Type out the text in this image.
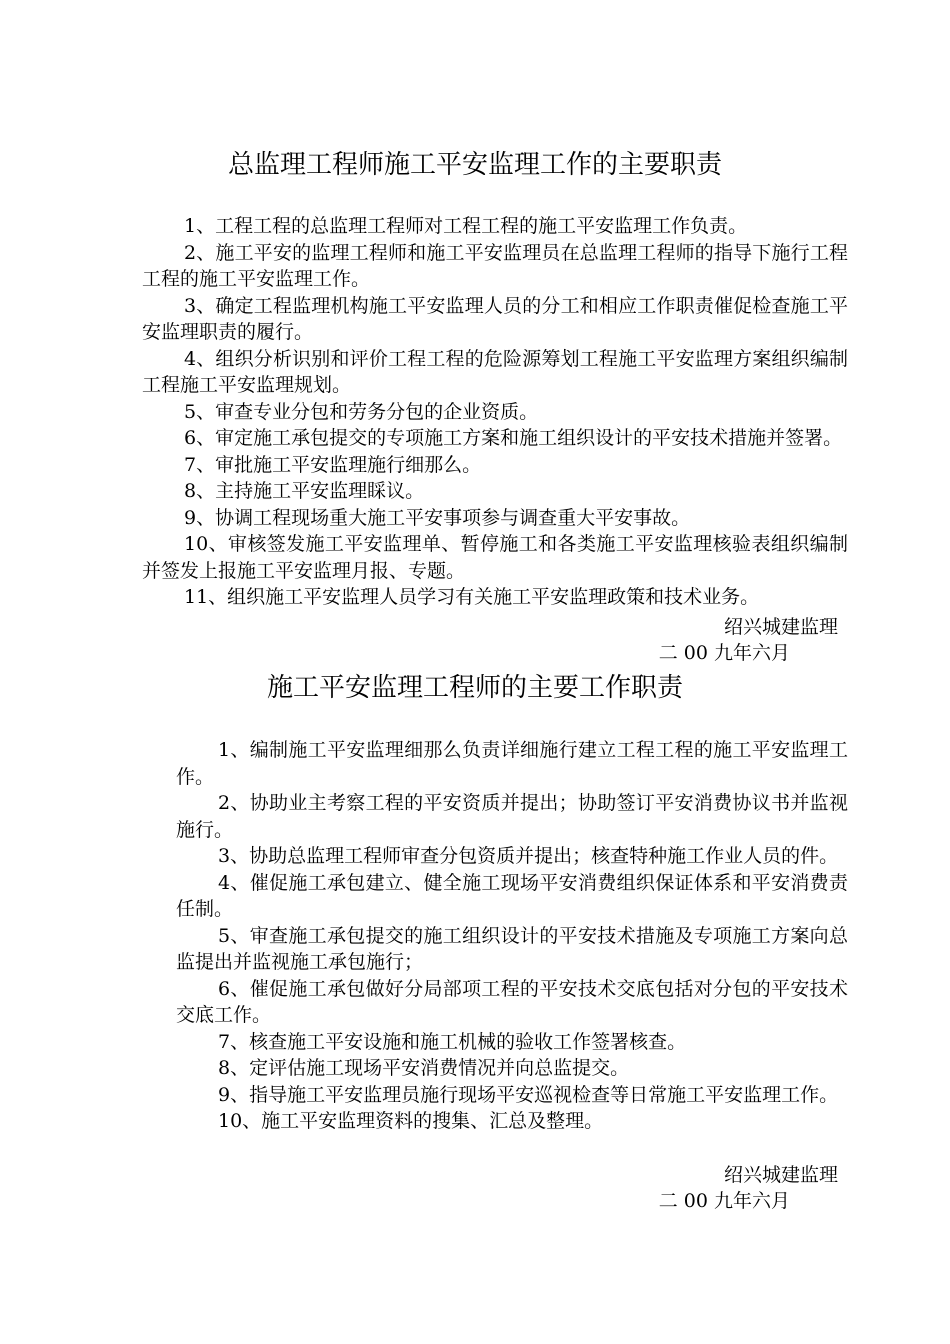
总监理工程师施工平安监理工作的主要职责

1、工程工程的总监理工程师对工程工程的施工平安监理工作负责。

2、施工平安的监理工程师和施工平安监理员在总监理工程师的指导下施行工程工程的施工平安监理工作。

3、确定工程监理机构施工平安监理人员的分工和相应工作职责催促检查施工平安监理职责的履行。

4、组织分析识别和评价工程工程的危险源筹划工程施工平安监理方案组织编制工程施工平安监理规划。

5、审查专业分包和劳务分包的企业资质。

6、审定施工承包提交的专项施工方案和施工组织设计的平安技术措施并签署。

7、审批施工平安监理施行细那么。

8、主持施工平安监理睬议。

9、协调工程现场重大施工平安事项参与调查重大平安事故。

10、审核签发施工平安监理单、暂停施工和各类施工平安监理核验表组织编制并签发上报施工平安监理月报、专题。

11、组织施工平安监理人员学习有关施工平安监理政策和技术业务。

绍兴城建监理

二 00 九年六月

施工平安监理工程师的主要工作职责

1、编制施工平安监理细那么负责详细施行建立工程工程的施工平安监理工作。

2、协助业主考察工程的平安资质并提出；协助签订平安消费协议书并监视施行。

3、协助总监理工程师审查分包资质并提出；核查特种施工作业人员的件。

4、催促施工承包建立、健全施工现场平安消费组织保证体系和平安消费责任制。

5、审查施工承包提交的施工组织设计的平安技术措施及专项施工方案向总监提出并监视施工承包施行；

6、催促施工承包做好分局部项工程的平安技术交底包括对分包的平安技术交底工作。

7、核查施工平安设施和施工机械的验收工作签署核查。

8、定评估施工现场平安消费情况并向总监提交。

9、指导施工平安监理员施行现场平安巡视检查等日常施工平安监理工作。

10、施工平安监理资料的搜集、汇总及整理。

绍兴城建监理

二 00 九年六月
